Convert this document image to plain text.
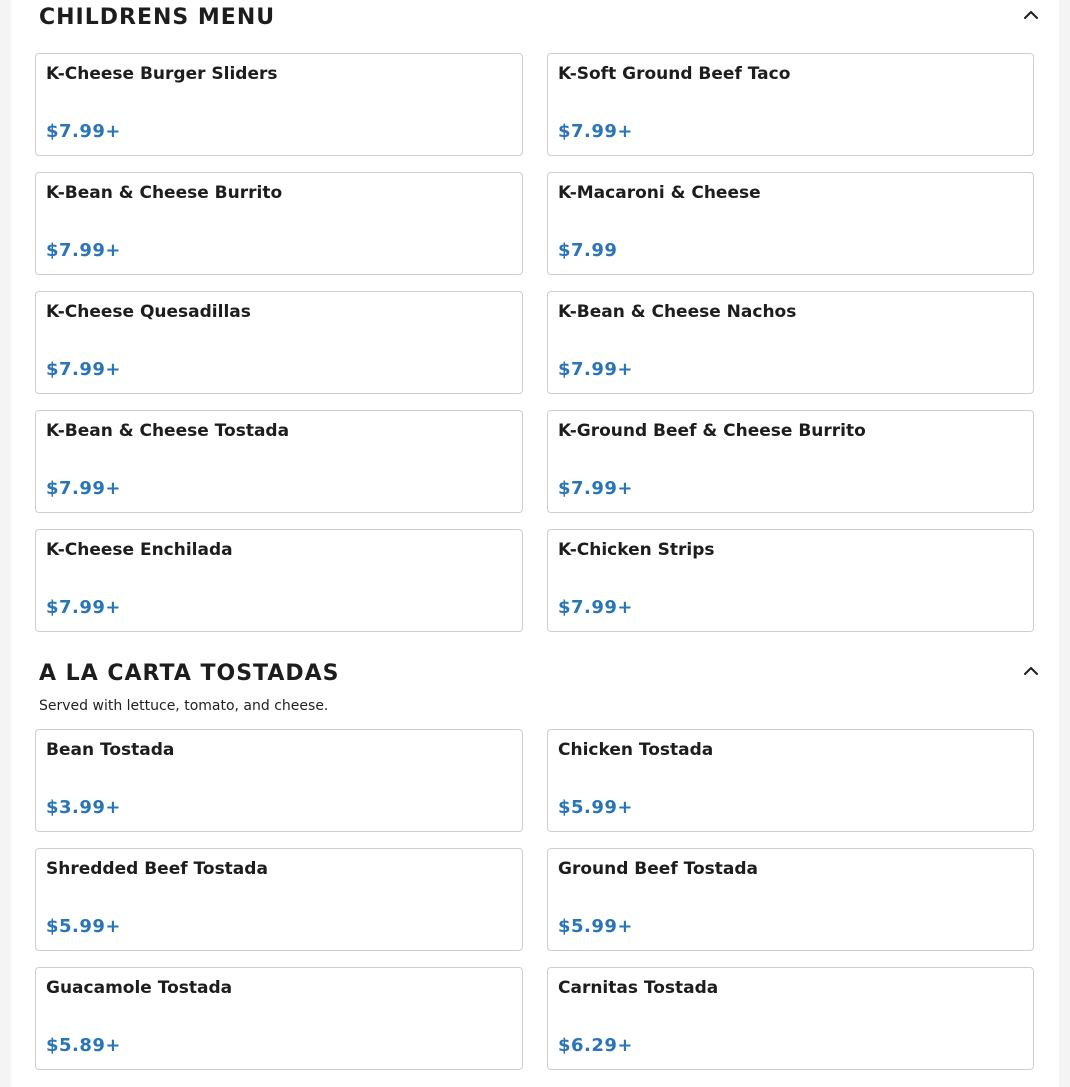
CHILDRENS MENU
K-Cheese Burger Sliders
$7.99+
K-Soft Ground Beef Taco
$7.99+
K-Bean & Cheese Burrito
$7.99+
K-Macaroni & Cheese
$7.99
K-Cheese Quesadillas
$7.99+
K-Bean & Cheese Nachos
$7.99+
K-Bean & Cheese Tostada
$7.99+
K-Ground Beef & Cheese Burrito
$7.99+
K-Cheese Enchilada
$7.99+
K-Chicken Strips
$7.99+
A LA CARTA TOSTADAS
Served with lettuce, tomato, and cheese.
Bean Tostada
$3.99+
Chicken Tostada
$5.99+
Shredded Beef Tostada
$5.99+
Ground Beef Tostada
$5.99+
Guacamole Tostada
$5.89+
Carnitas Tostada
$6.29+
